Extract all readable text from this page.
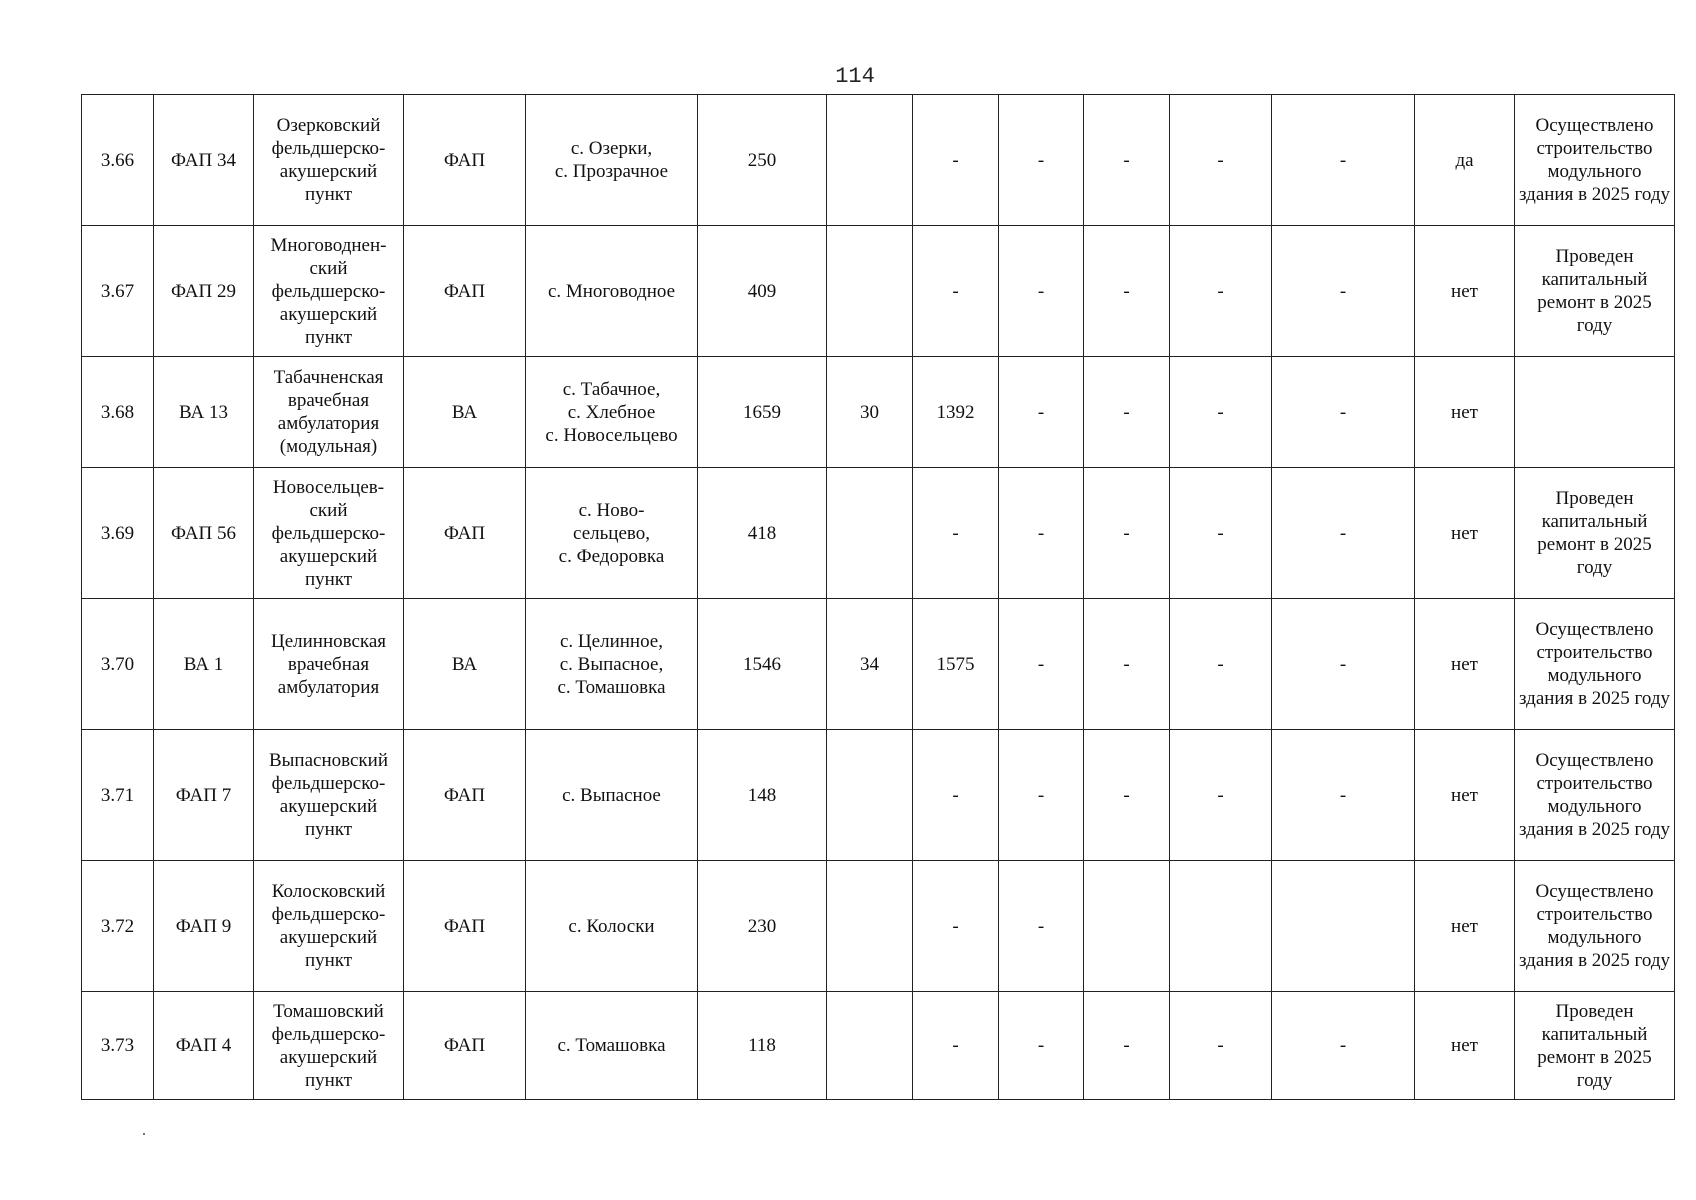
114
3.66	ФАП 34	Озерковский фельдшерско-акушерский пункт	ФАП	с. Озерки,
с. Прозрачное	250		-	-	-	-	-	да	Осуществлено строительство модульного здания в 2025 году
3.67	ФАП 29	Многоводнен-ский фельдшерско-акушерский пункт	ФАП	с. Многоводное	409		-	-	-	-	-	нет	Проведен капитальный ремонт в 2025 году
3.68	ВА 13	Табачненская врачебная амбулатория (модульная)	ВА	с. Табачное,
с. Хлебное
с. Новосельцево	1659	30	1392	-	-	-	-	нет	
3.69	ФАП 56	Новосельцев-ский фельдшерско-акушерский пункт	ФАП	с. Ново-
сельцево,
с. Федоровка	418		-	-	-	-	-	нет	Проведен капитальный ремонт в 2025 году
3.70	ВА 1	Целинновская врачебная амбулатория	ВА	с. Целинное,
с. Выпасное,
с. Томашовка	1546	34	1575	-	-	-	-	нет	Осуществлено строительство модульного здания в 2025 году
3.71	ФАП 7	Выпасновский фельдшерско-акушерский пункт	ФАП	с. Выпасное	148		-	-	-	-	-	нет	Осуществлено строительство модульного здания в 2025 году
3.72	ФАП 9	Колосковский фельдшерско-акушерский пункт	ФАП	с. Колоски	230		-	-				нет	Осуществлено строительство модульного здания в 2025 году
3.73	ФАП 4	Томашовский фельдшерско-акушерский пункт	ФАП	с. Томашовка	118		-	-	-	-	-	нет	Проведен капитальный ремонт в 2025 году
